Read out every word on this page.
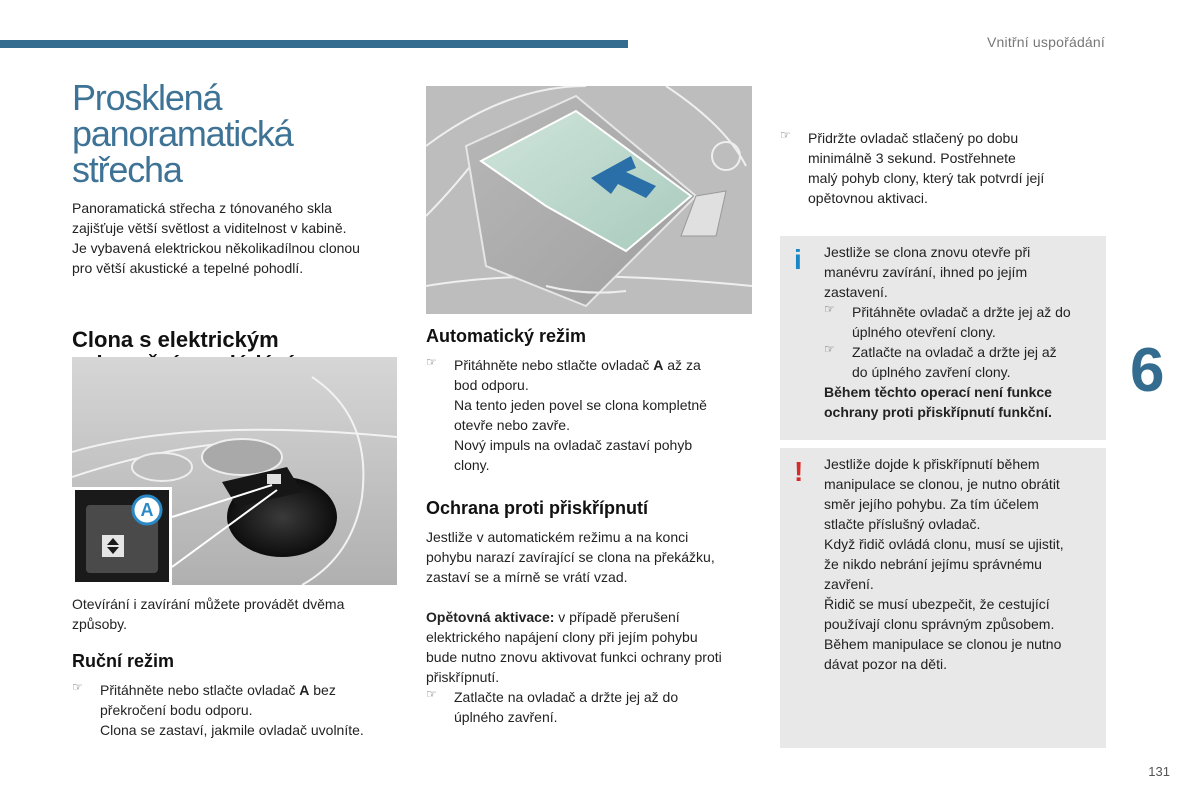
Vnitřní uspořádání
6
131
Prosklená
panoramatická střecha

Panoramatická střecha z tónovaného skla

zajišťuje větší světlost a viditelnost v kabině.

Je vybavená elektrickou několikadílnou clonou

pro větší akustické a tepelné pohodlí.

Clona s elektrickým
A

Otevírání i zavírání můžete provádět dvěma

způsoby.

Ruční režim
☞ Přitáhněte nebo stlačte ovladač A bez

překročení bodu odporu.

Clona se zastaví, jakmile ovladač uvolníte.

Automatický režim
☞ Přitáhněte nebo stlačte ovladač A až za

bod odporu.

Na tento jeden povel se clona kompletně

otevře nebo zavře.

Nový impuls na ovladač zastaví pohyb

clony.

Ochrana proti přiskřípnutí

Jestliže v automatickém režimu a na konci

pohybu narazí zavírající se clona na překážku,

zastaví se a mírně se vrátí vzad.

Opětovná aktivace: v případě přerušení

elektrického napájení clony při jejím pohybu

bude nutno znovu aktivovat funkci ochrany proti

přiskřípnutí.

☞ Zatlačte na ovladač a držte jej až do

úplného zavření.

☞ Přidržte ovladač stlačený po dobu

minimálně 3 sekund. Postřehnete

malý pohyb clony, který tak potvrdí její

opětovnou aktivaci.

i Jestliže se clona znovu otevře při

manévru zavírání, ihned po jejím

zastavení.

☞ Přitáhněte ovladač a držte jej až do

úplného otevření clony.

☞ Zatlačte na ovladač a držte jej až

do úplného zavření clony.

Během těchto operací není funkce

ochrany proti přiskřípnutí funkční.

! Jestliže dojde k přiskřípnutí během

manipulace se clonou, je nutno obrátit

směr jejího pohybu. Za tím účelem

stlačte příslušný ovladač.

Když řidič ovládá clonu, musí se ujistit,

že nikdo nebrání jejímu správnému

zavření.

Řidič se musí ubezpečit, že cestující

používají clonu správným způsobem.

Během manipulace se clonou je nutno

dávat pozor na děti.
